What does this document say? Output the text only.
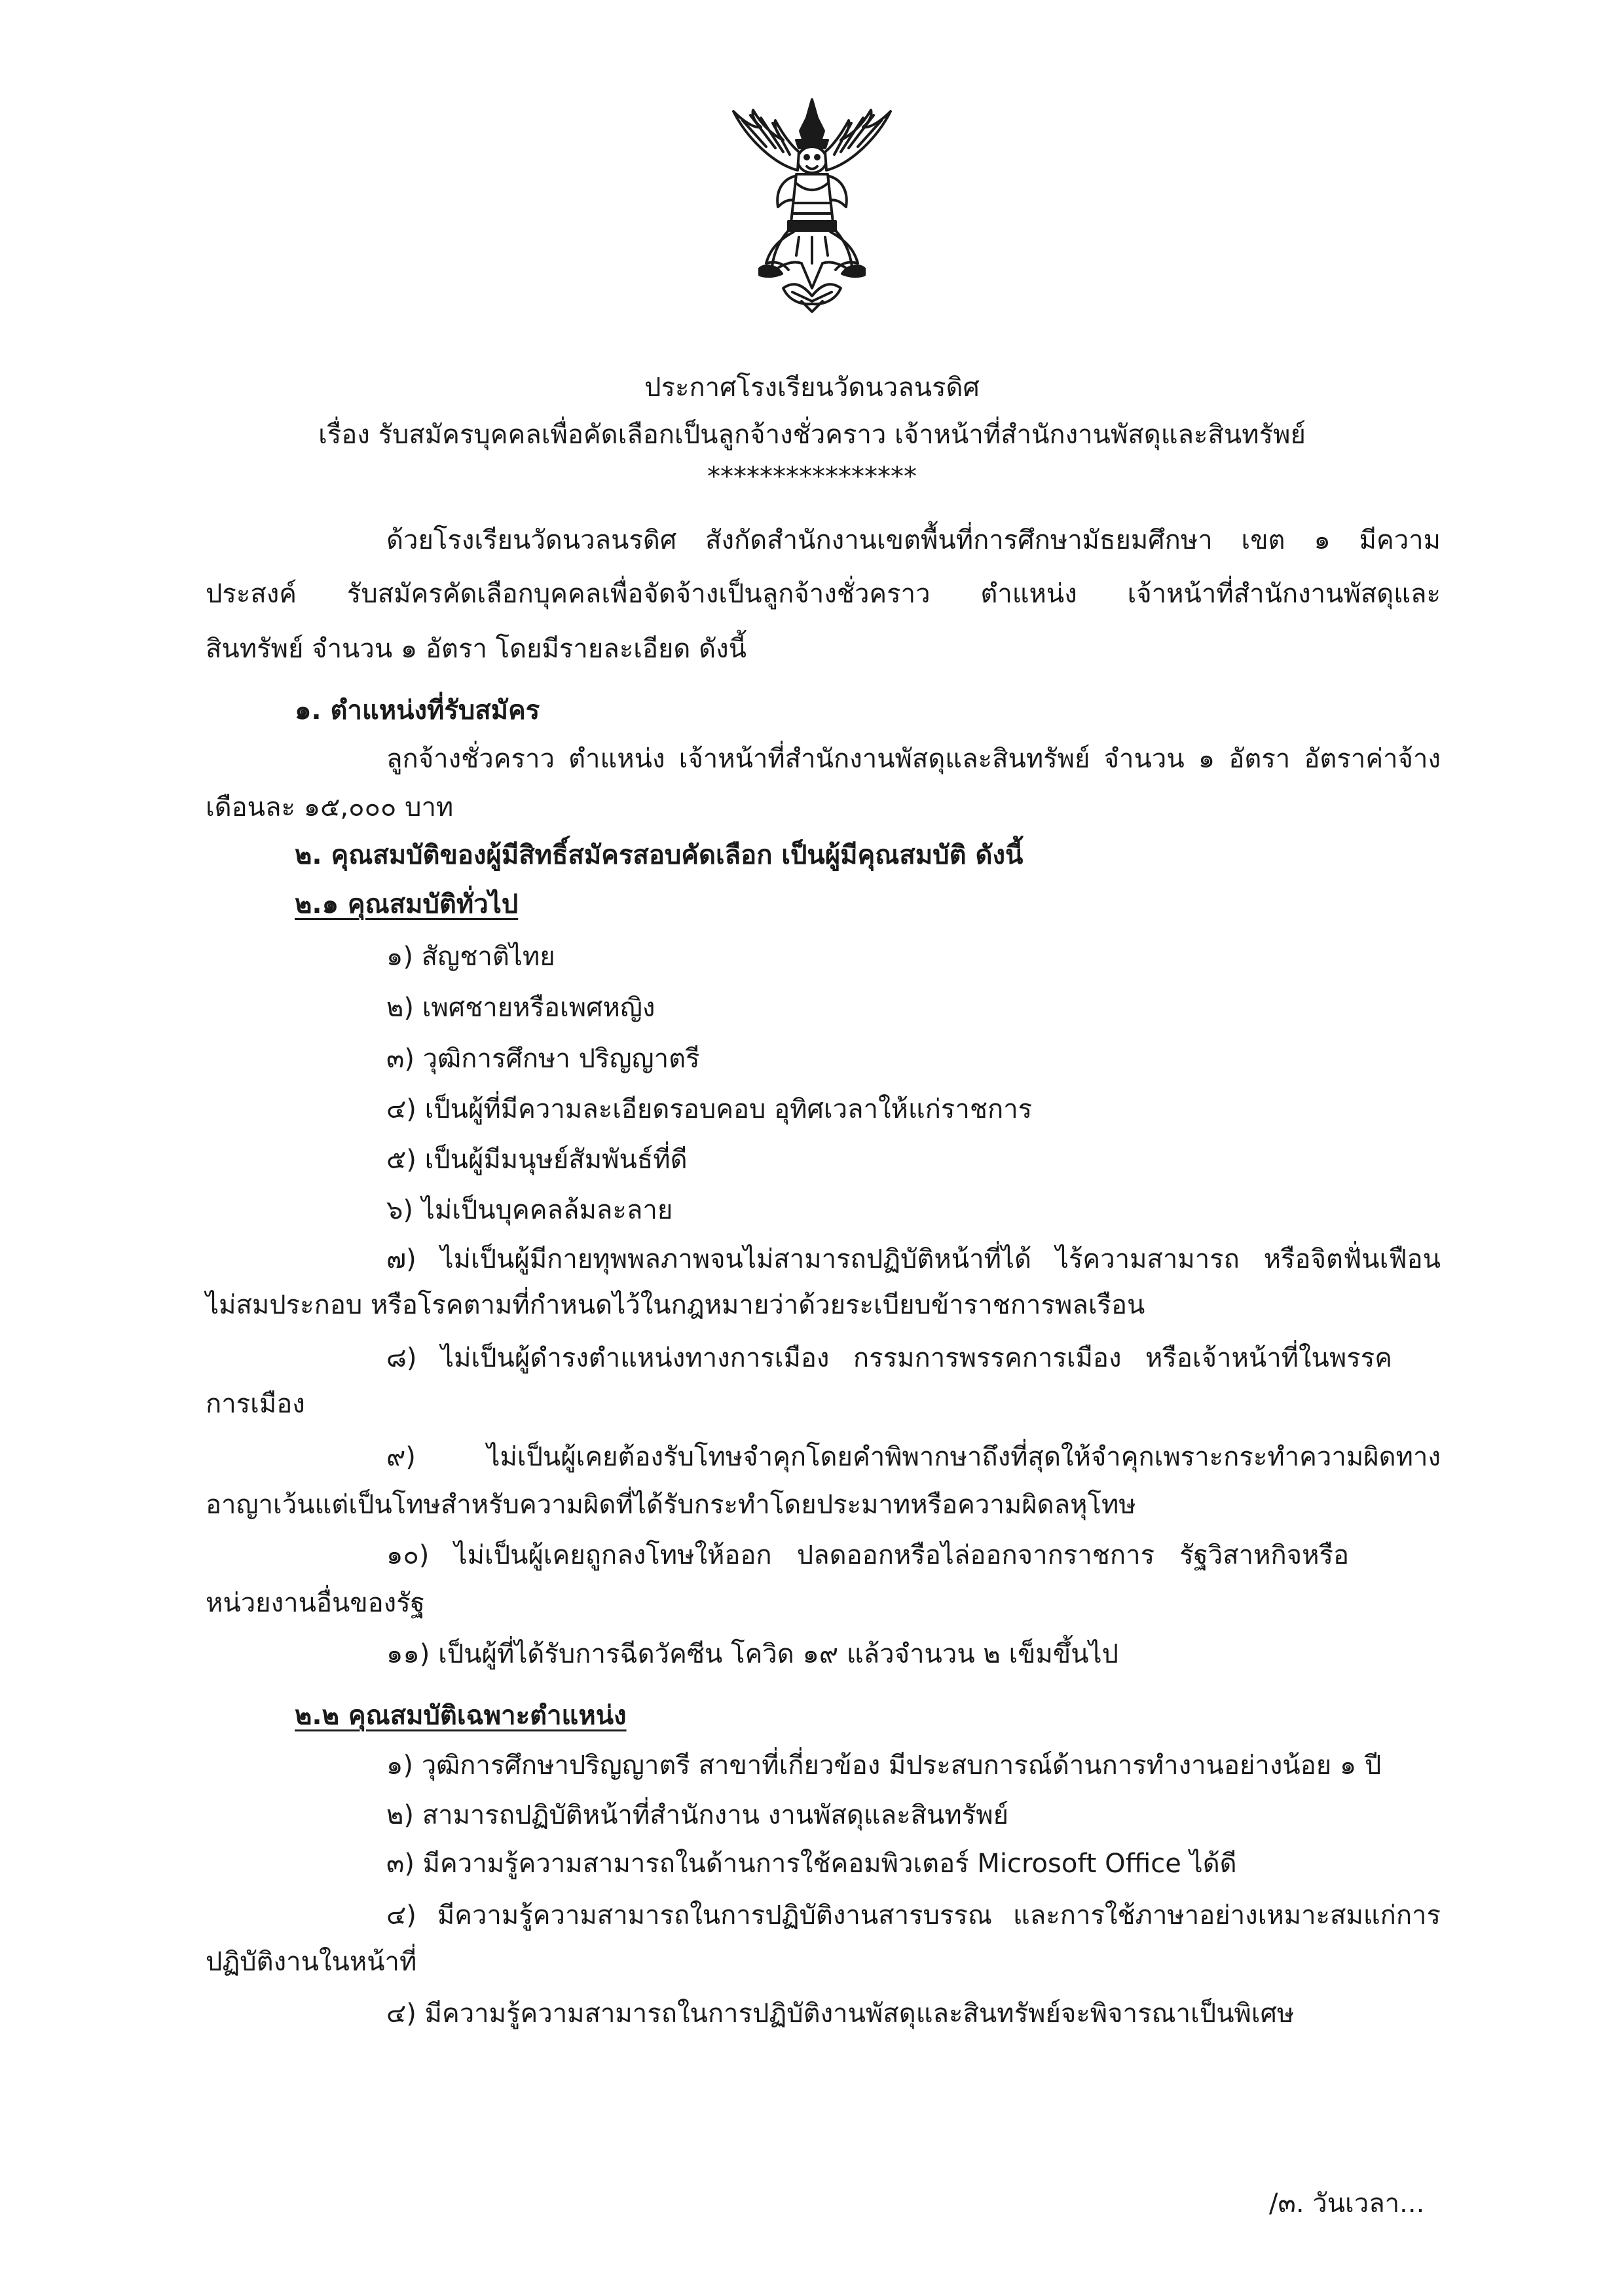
ประกาศโรงเรียนวัดนวลนรดิศ
เรื่อง รับสมัครบุคคลเพื่อคัดเลือกเป็นลูกจ้างชั่วคราว เจ้าหน้าที่สำนักงานพัสดุและสินทรัพย์
****************
ด้วยโรงเรียนวัดนวลนรดิศ สังกัดสำนักงานเขตพื้นที่การศึกษามัธยมศึกษา เขต ๑ มีความ
ประสงค์ รับสมัครคัดเลือกบุคคลเพื่อจัดจ้างเป็นลูกจ้างชั่วคราว ตำแหน่ง เจ้าหน้าที่สำนักงานพัสดุและ
สินทรัพย์ จำนวน ๑ อัตรา โดยมีรายละเอียด ดังนี้
๑. ตำแหน่งที่รับสมัคร
ลูกจ้างชั่วคราว ตำแหน่ง เจ้าหน้าที่สำนักงานพัสดุและสินทรัพย์ จำนวน ๑ อัตรา อัตราค่าจ้าง
เดือนละ ๑๕,๐๐๐ บาท
๒. คุณสมบัติของผู้มีสิทธิ์สมัครสอบคัดเลือก เป็นผู้มีคุณสมบัติ ดังนี้
๒.๑ คุณสมบัติทั่วไป
๑) สัญชาติไทย
๒) เพศชายหรือเพศหญิง
๓) วุฒิการศึกษา ปริญญาตรี
๔) เป็นผู้ที่มีความละเอียดรอบคอบ อุทิศเวลาให้แก่ราชการ
๕) เป็นผู้มีมนุษย์สัมพันธ์ที่ดี
๖) ไม่เป็นบุคคลล้มละลาย
๗) ไม่เป็นผู้มีกายทุพพลภาพจนไม่สามารถปฏิบัติหน้าที่ได้ ไร้ความสามารถ หรือจิตฟั่นเฟือน
ไม่สมประกอบ หรือโรคตามที่กำหนดไว้ในกฎหมายว่าด้วยระเบียบข้าราชการพลเรือน
๘) ไม่เป็นผู้ดำรงตำแหน่งทางการเมือง กรรมการพรรคการเมือง หรือเจ้าหน้าที่ในพรรค
การเมือง
๙) ไม่เป็นผู้เคยต้องรับโทษจำคุกโดยคำพิพากษาถึงที่สุดให้จำคุกเพราะกระทำความผิดทาง
อาญาเว้นแต่เป็นโทษสำหรับความผิดที่ได้รับกระทำโดยประมาทหรือความผิดลหุโทษ
๑๐) ไม่เป็นผู้เคยถูกลงโทษให้ออก ปลดออกหรือไล่ออกจากราชการ รัฐวิสาหกิจหรือ
หน่วยงานอื่นของรัฐ
๑๑) เป็นผู้ที่ได้รับการฉีดวัคซีน โควิด ๑๙ แล้วจำนวน ๒ เข็มขึ้นไป
๒.๒ คุณสมบัติเฉพาะตำแหน่ง
๑) วุฒิการศึกษาปริญญาตรี สาขาที่เกี่ยวข้อง มีประสบการณ์ด้านการทำงานอย่างน้อย ๑ ปี
๒) สามารถปฏิบัติหน้าที่สำนักงาน งานพัสดุและสินทรัพย์
๓) มีความรู้ความสามารถในด้านการใช้คอมพิวเตอร์ Microsoft Office ได้ดี
๔) มีความรู้ความสามารถในการปฏิบัติงานสารบรรณ และการใช้ภาษาอย่างเหมาะสมแก่การ
ปฏิบัติงานในหน้าที่
๔) มีความรู้ความสามารถในการปฏิบัติงานพัสดุและสินทรัพย์จะพิจารณาเป็นพิเศษ
/๓. วันเวลา...
